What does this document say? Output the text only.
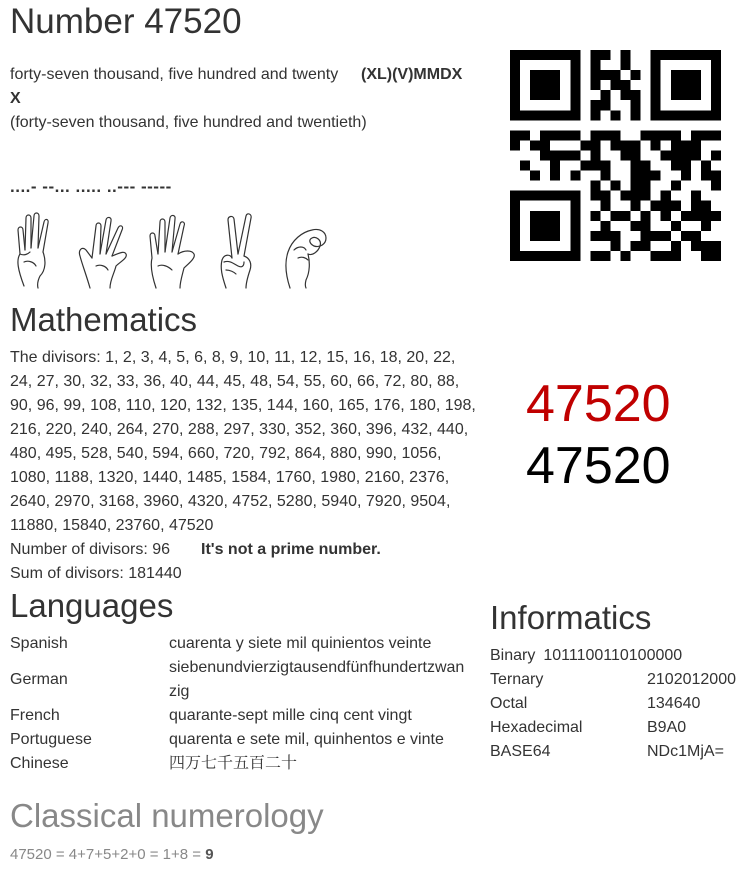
Number 47520
forty-seven thousand, five hundred and twenty	(XL)(V)MMDX
X
(forty-seven thousand, five hundred and twentieth)
....- --... ..... ..--- -----
Mathematics

The divisors: 1, 2, 3, 4, 5, 6, 8, 9, 10, 11, 12, 15, 16, 18, 20, 22, 24, 27, 30, 32, 33, 36, 40, 44, 45, 48, 54, 55, 60, 66, 72, 80, 88, 90, 96, 99, 108, 110, 120, 132, 135, 144, 160, 165, 176, 180, 198, 216, 220, 240, 264, 270, 288, 297, 330, 352, 360, 396, 432, 440, 480, 495, 528, 540, 594, 660, 720, 792, 864, 880, 990, 1056, 1080, 1188, 1320, 1440, 1485, 1584, 1760, 1980, 2160, 2376, 2640, 2970, 3168, 3960, 4320, 4752, 5280, 5940, 7920, 9504, 11880, 15840, 23760, 47520

Number of divisors: 96 It's not a prime number.
Sum of divisors: 181440
47520
47520
Languages
Spanish	cuarenta y siete mil quinientos veinte
German
siebenundvierzigtausendfünfhundertzwan zig
French	quarante-sept mille cinq cent vingt
Portuguese	quarenta e sete mil, quinhentos e vinte
Chinese	四万七千五百二十
Informatics
Binary 1011100110100000
Ternary	2102012000
Octal	134640
Hexadecimal	B9A0
BASE64	NDc1MjA=
Classical numerology
47520 = 4+7+5+2+0 = 1+8 = 9
